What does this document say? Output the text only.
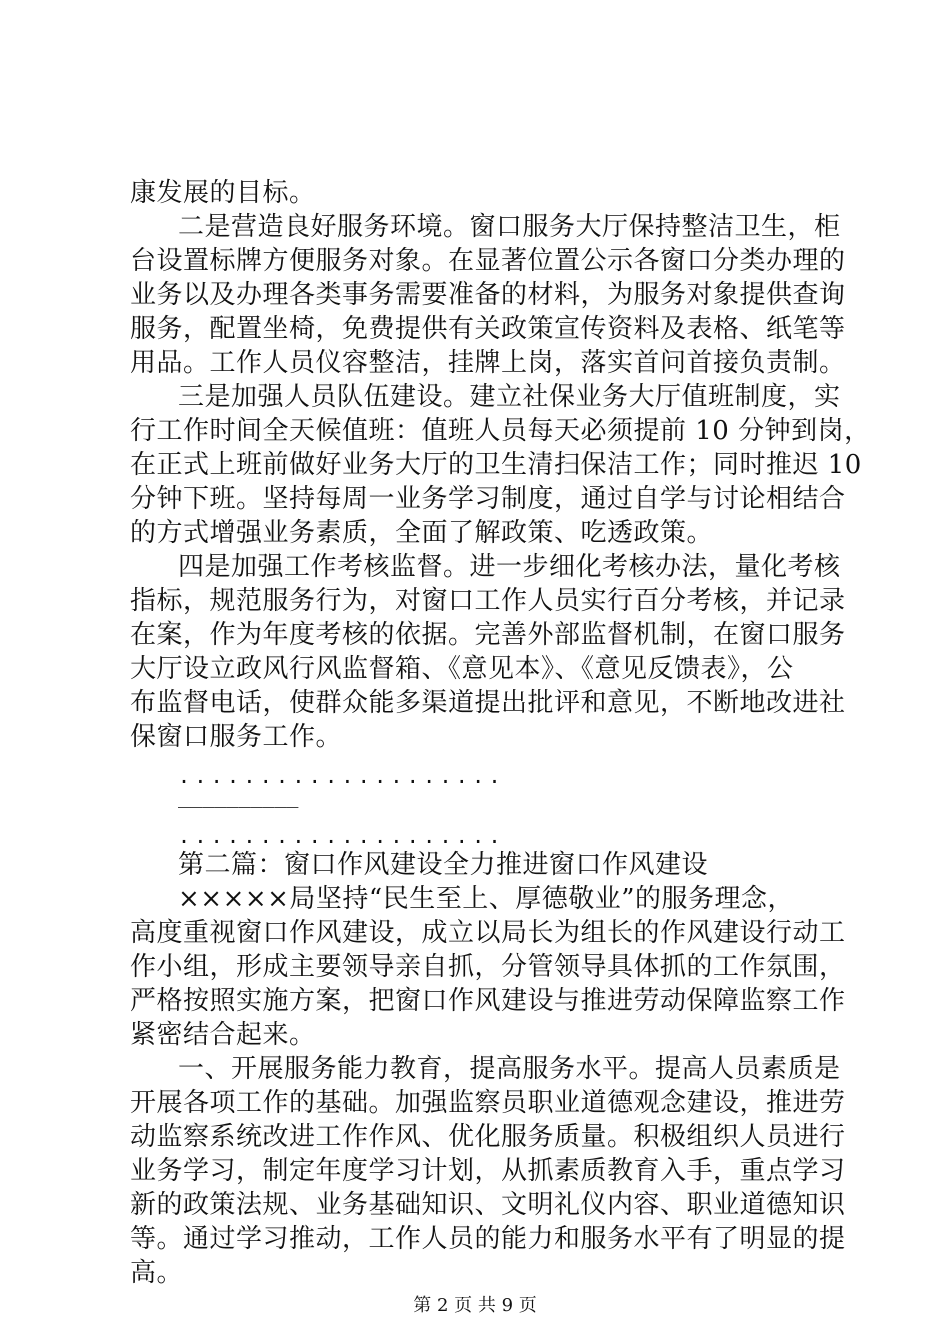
康发展的目标。
二是营造良好服务环境。窗口服务大厅保持整洁卫生，柜
台设置标牌方便服务对象。在显著位置公示各窗口分类办理的
业务以及办理各类事务需要准备的材料，为服务对象提供查询
服务，配置坐椅，免费提供有关政策宣传资料及表格、纸笔等
用品。工作人员仪容整洁，挂牌上岗，落实首问首接负责制。
三是加强人员队伍建设。建立社保业务大厅值班制度，实
行工作时间全天候值班：值班人员每天必须提前 10 分钟到岗，
在正式上班前做好业务大厅的卫生清扫保洁工作；同时推迟 10
分钟下班。坚持每周一业务学习制度，通过自学与讨论相结合
的方式增强业务素质，全面了解政策、吃透政策。
四是加强工作考核监督。进一步细化考核办法，量化考核
指标，规范服务行为，对窗口工作人员实行百分考核，并记录
在案，作为年度考核的依据。完善外部监督机制，在窗口服务
大厅设立政风行风监督箱、《意见本》、《意见反馈表》，公
布监督电话，使群众能多渠道提出批评和意见，不断地改进社
保窗口服务工作。
....................
__________
....................
第二篇：窗口作风建设全力推进窗口作风建设
×××××局坚持“民生至上、厚德敬业”的服务理念，
高度重视窗口作风建设，成立以局长为组长的作风建设行动工
作小组，形成主要领导亲自抓，分管领导具体抓的工作氛围，
严格按照实施方案，把窗口作风建设与推进劳动保障监察工作
紧密结合起来。
一、开展服务能力教育，提高服务水平。提高人员素质是
开展各项工作的基础。加强监察员职业道德观念建设，推进劳
动监察系统改进工作作风、优化服务质量。积极组织人员进行
业务学习，制定年度学习计划，从抓素质教育入手，重点学习
新的政策法规、业务基础知识、文明礼仪内容、职业道德知识
等。通过学习推动，工作人员的能力和服务水平有了明显的提
高。
第 2 页 共 9 页
